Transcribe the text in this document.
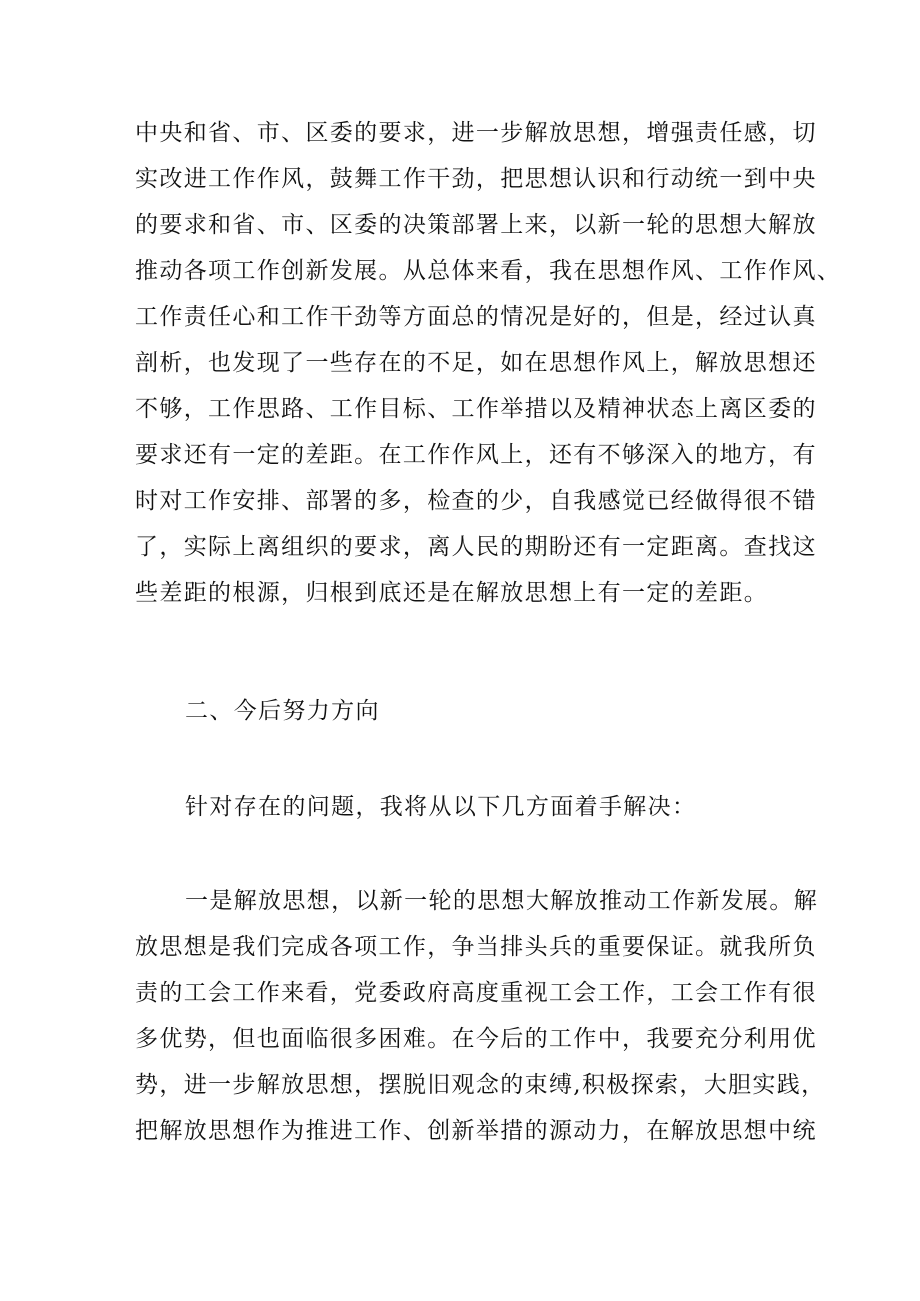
中央和省、市、区委的要求，进一步解放思想，增强责任感，切
实改进工作作风，鼓舞工作干劲，把思想认识和行动统一到中央
的要求和省、市、区委的决策部署上来，以新一轮的思想大解放
推动各项工作创新发展。从总体来看，我在思想作风、工作作风、
工作责任心和工作干劲等方面总的情况是好的，但是，经过认真
剖析，也发现了一些存在的不足，如在思想作风上，解放思想还
不够，工作思路、工作目标、工作举措以及精神状态上离区委的
要求还有一定的差距。在工作作风上，还有不够深入的地方，有
时对工作安排、部署的多，检查的少，自我感觉已经做得很不错
了，实际上离组织的要求，离人民的期盼还有一定距离。查找这
些差距的根源，归根到底还是在解放思想上有一定的差距。
二、今后努力方向
针对存在的问题，我将从以下几方面着手解决：
一是解放思想，以新一轮的思想大解放推动工作新发展。解
放思想是我们完成各项工作，争当排头兵的重要保证。就我所负
责的工会工作来看，党委政府高度重视工会工作，工会工作有很
多优势，但也面临很多困难。在今后的工作中，我要充分利用优
势，进一步解放思想，摆脱旧观念的束缚,积极探索，大胆实践，
把解放思想作为推进工作、创新举措的源动力，在解放思想中统
